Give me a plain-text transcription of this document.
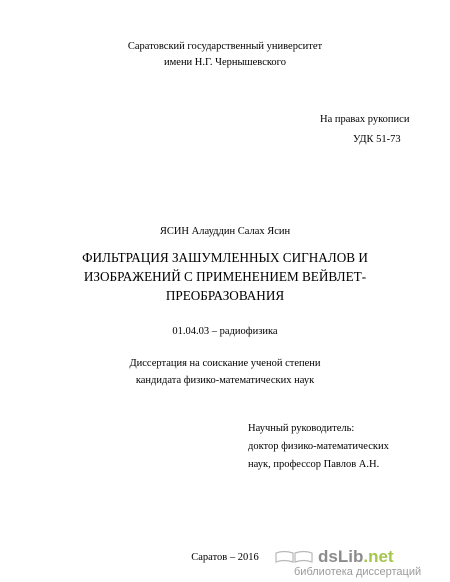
Саратовский государственный университет
имени Н.Г. Чернышевского
На правах рукописи
УДК 51-73
ЯСИН Алауддин Салах Ясин
ФИЛЬТРАЦИЯ ЗАШУМЛЕННЫХ СИГНАЛОВ И
ИЗОБРАЖЕНИЙ С ПРИМЕНЕНИЕМ ВЕЙВЛЕТ-
ПРЕОБРАЗОВАНИЯ
01.04.03 – радиофизика
Диссертация на соискание ученой степени
кандидата физико-математических наук
Научный руководитель:
доктор физико-математических
наук, профессор Павлов А.Н.
Саратов – 2016	dsLib.net
библиотека диссертаций
